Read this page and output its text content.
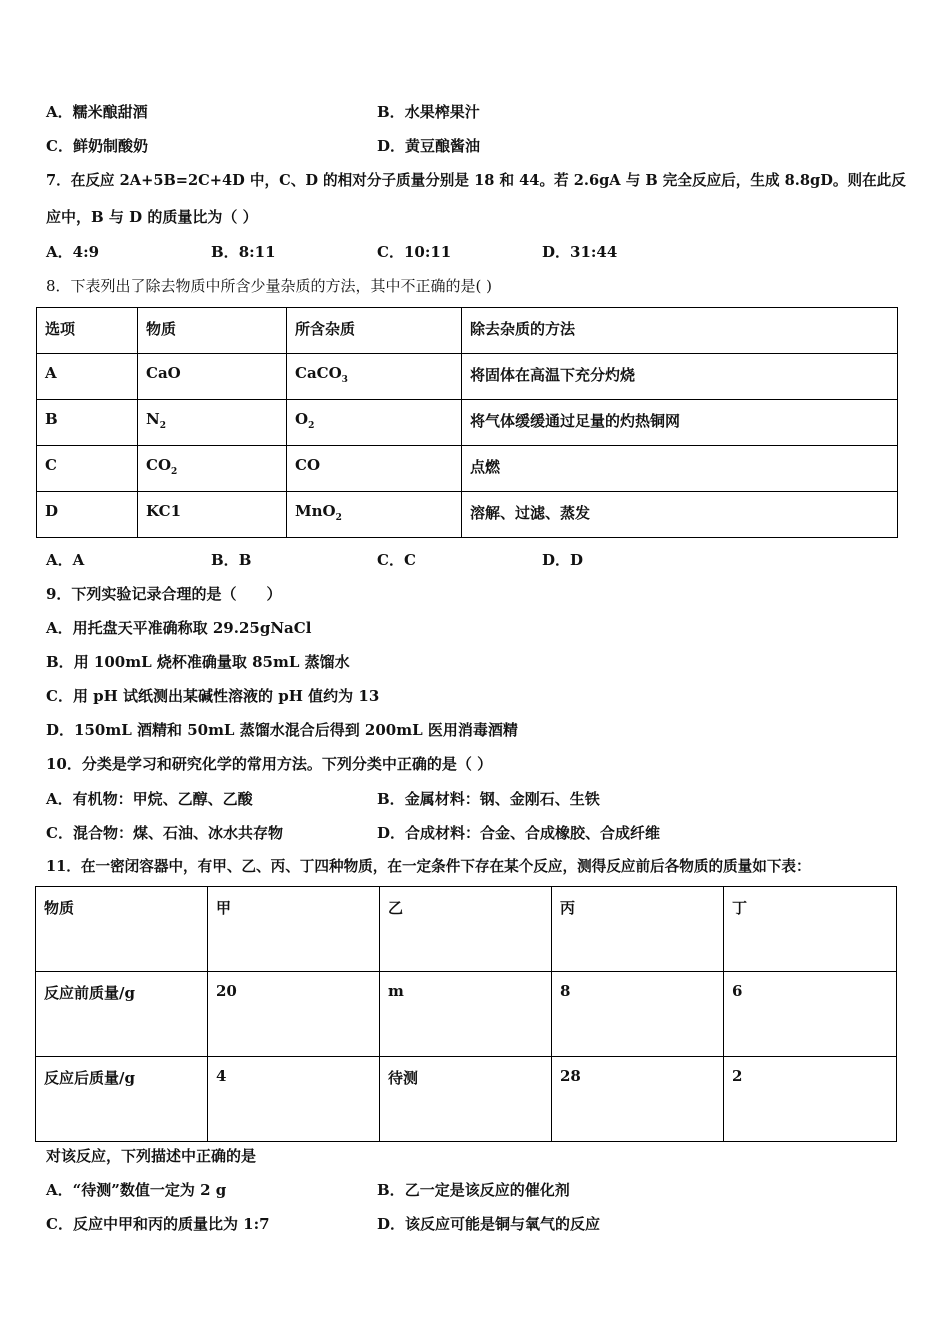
A．糯米酿甜酒	B．水果榨果汁
C．鲜奶制酸奶	D．黄豆酿酱油
7．在反应 2A+5B=2C+4D 中，C、D 的相对分子质量分别是 18 和 44。若 2.6gA 与 B 完全反应后，生成 8.8gD。则在此反
应中，B 与 D 的质量比为（ ）
A．4:9	B．8:11	C．10:11	D．31:44
8．下表列出了除去物质中所含少量杂质的方法，其中不正确的是( )
选项	物质	所含杂质	除去杂质的方法
A	CaO	CaCO$_3$	将固体在高温下充分灼烧
B	$N_2$	$O_2$	将气体缓缓通过足量的灼热铜网
C	$CO_2$	CO	点燃
D	KC1	MnO$_2$	溶解、过滤、蒸发
A．A	B．B	C．C	D．D
9．下列实验记录合理的是（　　）
A．用托盘天平准确称取 29.25gNaCl
B．用 100mL 烧杯准确量取 85mL 蒸馏水
C．用 pH 试纸测出某碱性溶液的 pH 值约为 13
D．150mL 酒精和 50mL 蒸馏水混合后得到 200mL 医用消毒酒精
10．分类是学习和研究化学的常用方法。下列分类中正确的是（ ）
A．有机物：甲烷、乙醇、乙酸	B．金属材料：钢、金刚石、生铁
C．混合物：煤、石油、冰水共存物	D．合成材料：合金、合成橡胶、合成纤维
11．在一密闭容器中，有甲、乙、丙、丁四种物质，在一定条件下存在某个反应，测得反应前后各物质的质量如下表：
物质	甲	乙	丙	丁
反应前质量/g	20	m	8	6
反应后质量/g	4	待测	28	2
对该反应，下列描述中正确的是
A．“待测”数值一定为 2 g	B．乙一定是该反应的催化剂
C．反应中甲和丙的质量比为 1:7	D．该反应可能是铜与氧气的反应
